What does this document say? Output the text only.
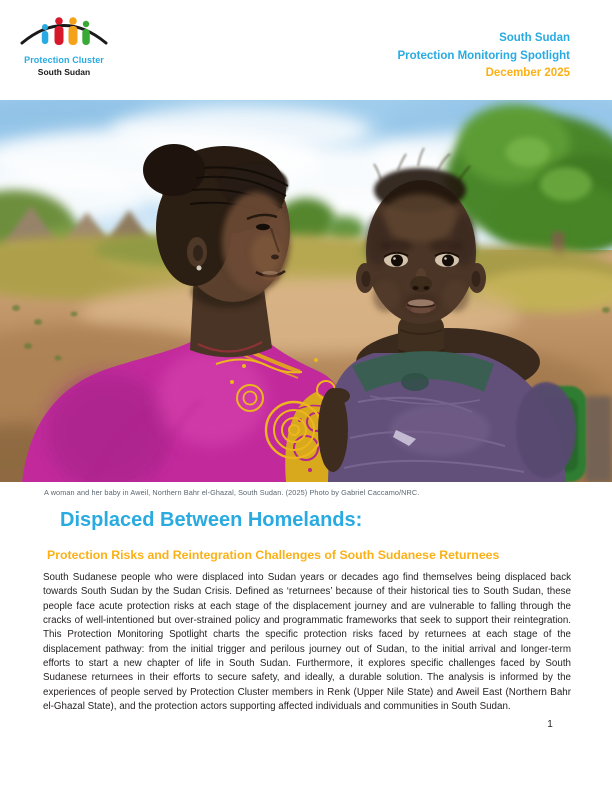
Protection Cluster
South Sudan
South Sudan
Protection Monitoring Spotlight
December 2025
A woman and her baby in Aweil, Northern Bahr el-Ghazal, South Sudan. (2025) Photo by Gabriel Caccamo/NRC.
Displaced Between Homelands:
Protection Risks and Reintegration Challenges of South Sudanese Returnees

South Sudanese people who were displaced into Sudan years or decades ago find themselves being displaced back towards South Sudan by the Sudan Crisis. Defined as ‘returnees’ because of their historical ties to South Sudan, these people face acute protection risks at each stage of the displacement journey and are vulnerable to falling through the cracks of well-intentioned but over-strained policy and programmatic frameworks that seek to support their reintegration. This Protection Monitoring Spotlight charts the specific protection risks faced by returnees at each stage of the displacement pathway: from the initial trigger and perilous journey out of Sudan, to the initial arrival and longer-term efforts to start a new chapter of life in South Sudan. Furthermore, it explores specific challenges faced by South Sudanese returnees in their efforts to secure safety, and ideally, a durable solution. The analysis is informed by the experiences of people served by Protection Cluster members in Renk (Upper Nile State) and Aweil East (Northern Bahr el-Ghazal State), and the protection actors supporting affected individuals and communities in South Sudan.

1
